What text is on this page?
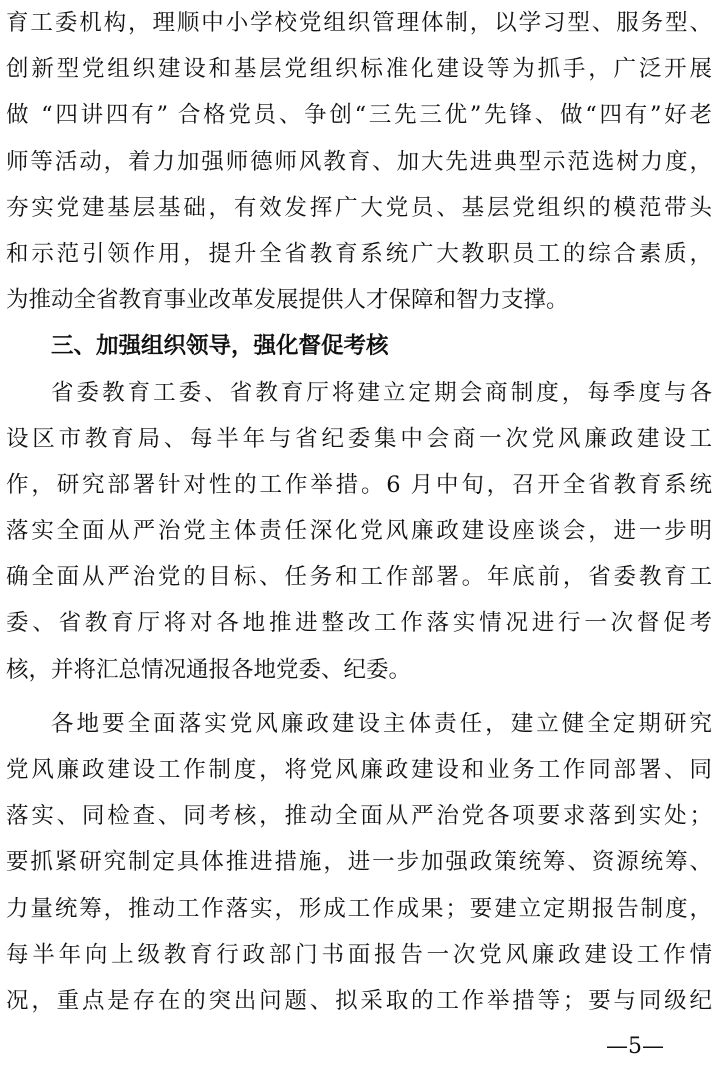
育工委机构，理顺中小学校党组织管理体制，以学习型、服务型、
创新型党组织建设和基层党组织标准化建设等为抓手，广泛开展
做 “四讲四有” 合格党员、争创“三先三优”先锋、做“四有”好老
师等活动，着力加强师德师风教育、加大先进典型示范选树力度，
夯实党建基层基础，有效发挥广大党员、基层党组织的模范带头
和示范引领作用，提升全省教育系统广大教职员工的综合素质，
为推动全省教育事业改革发展提供人才保障和智力支撑。
三、加强组织领导，强化督促考核
省委教育工委、省教育厅将建立定期会商制度，每季度与各
设区市教育局、每半年与省纪委集中会商一次党风廉政建设工
作，研究部署针对性的工作举措。6 月中旬，召开全省教育系统
落实全面从严治党主体责任深化党风廉政建设座谈会，进一步明
确全面从严治党的目标、任务和工作部署。年底前，省委教育工
委、省教育厅将对各地推进整改工作落实情况进行一次督促考
核，并将汇总情况通报各地党委、纪委。
各地要全面落实党风廉政建设主体责任，建立健全定期研究
党风廉政建设工作制度，将党风廉政建设和业务工作同部署、同
落实、同检查、同考核，推动全面从严治党各项要求落到实处；
要抓紧研究制定具体推进措施，进一步加强政策统筹、资源统筹、
力量统筹，推动工作落实，形成工作成果；要建立定期报告制度，
每半年向上级教育行政部门书面报告一次党风廉政建设工作情
况，重点是存在的突出问题、拟采取的工作举措等；要与同级纪
—5—
